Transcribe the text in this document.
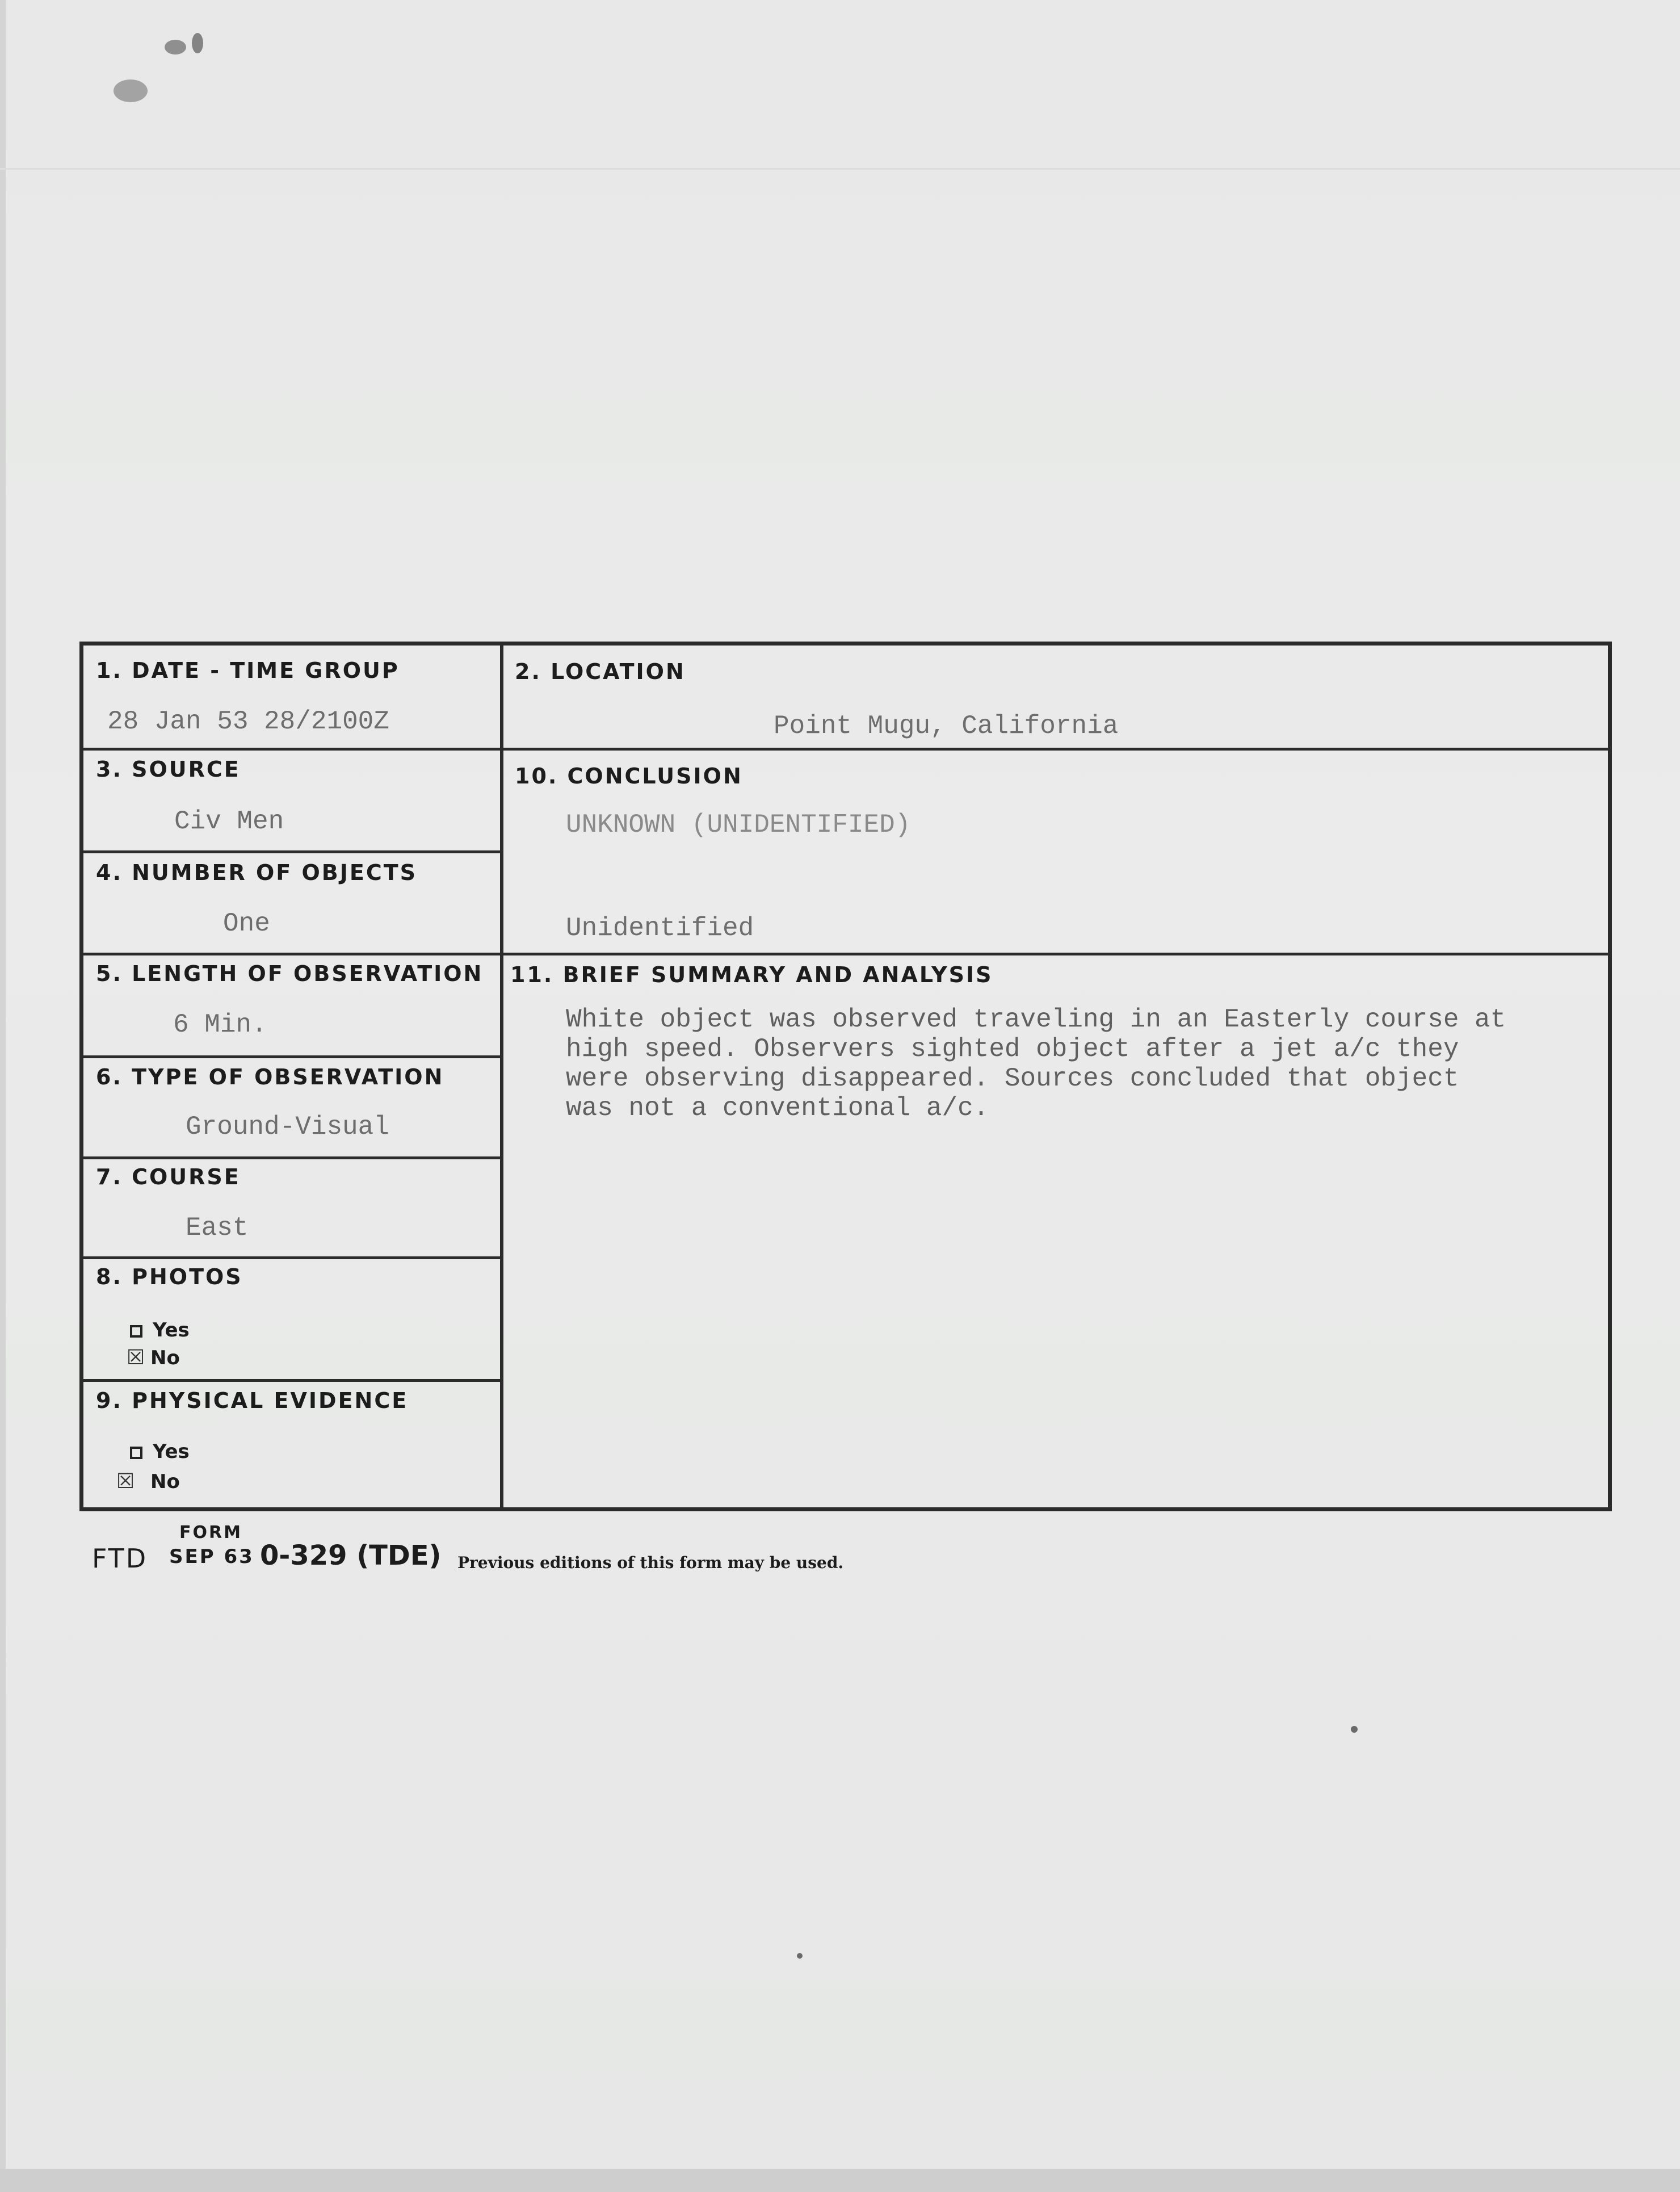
1. DATE - TIME GROUP
28 Jan 53 28/2100Z
2. LOCATION
Point Mugu, California
3. SOURCE
Civ Men
10. CONCLUSION
UNKNOWN (UNIDENTIFIED)
Unidentified
4. NUMBER OF OBJECTS
One
5. LENGTH OF OBSERVATION
6 Min.
11. BRIEF SUMMARY AND ANALYSIS
White object was observed traveling in an Easterly course at
high speed. Observers sighted object after a jet a/c they
were observing disappeared. Sources concluded that object
was not a conventional a/c.
6. TYPE OF OBSERVATION
Ground-Visual
7. COURSE
East
8. PHOTOS
Yes
☒ No
9. PHYSICAL EVIDENCE
Yes
☒ No
FORM
FTD SEP 63 0-329 (TDE) Previous editions of this form may be used.
